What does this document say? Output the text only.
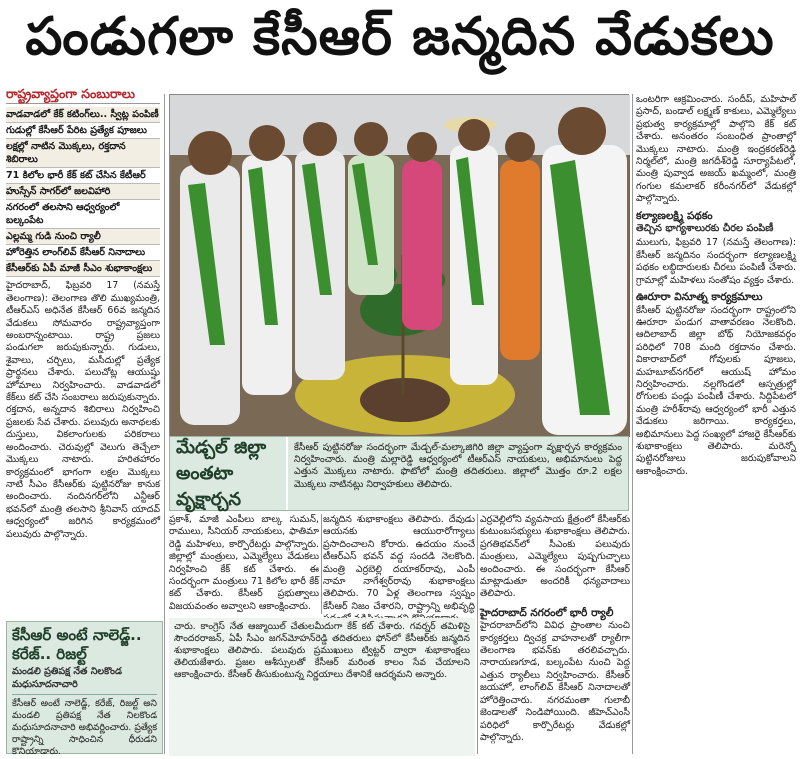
పండుగలా కేసీఆర్ జన్మదిన వేడుకలు
రాష్ట్రవ్యాప్తంగా సంబురాలు
వాడవాడలో కేక్ కటింగ్‌లు.. స్వీట్ల పంపిణీ
గుడుల్లో కేసీఆర్ పేరిట ప్రత్యేక పూజలు
లక్షల్లో నాటిన మొక్కలు, రక్తదాన శిబిరాలు
71 కిలోల భారీ కేక్ కట్ చేసిన కేటీఆర్
హుస్సేన్ సాగర్‌లో జలవిహారి
నగరంలో తలసాని ఆధ్వర్యంలో బల్కంపేట
ఎల్లమ్మ గుడి నుంచి ర్యాలీ
హోరెత్తిన లాంగ్‌లివ్ కేసీఆర్ నినాదాలు
కేసీఆర్‌కు ఏపీ మాజీ సీఎం శుభాకాంక్షలు

హైదరాబాద్, ఫిబ్రవరి 17 (నమస్తే తెలంగాణ): తెలంగాణ తొలి ముఖ్యమంత్రి, టీఆర్‌ఎస్ అధినేత కేసీఆర్ 66వ జన్మదిన వేడుకలు సోమవారం రాష్ట్రవ్యాప్తంగా అంబరాన్నంటాయి. రాష్ట్ర ప్రజలు పండుగలా జరుపుకున్నారు. గుడులు, శైవాలు, చర్చిలు, మసీదుల్లో ప్రత్యేక ప్రార్థనలు చేశారు. పలుచోట్ల ఆయుష్షు హోమాలు నిర్వహించారు. వాడవాడలో కేక్‌లు కట్ చేసి సంబరాలు జరుపుకున్నారు. రక్తదాన, అన్నదాన శిబిరాలు నిర్వహించి ప్రజలకు సేవ చేశారు. పలువురు అనాథలకు దుస్తులు, వికలాంగులకు పరికరాలు అందించారు. చెరువుల్లో వెలుగు తెచ్చేలా మొక్కలు నాటారు. హరితహారం కార్యక్రమంలో భాగంగా లక్షల మొక్కలు నాటి సీఎం కేసీఆర్‌కు పుట్టినరోజు కానుక అందించారు. నందినగర్‌లోని ఎన్టీఆర్ భవన్‌లో మంత్రి తలసాని శ్రీనివాస్ యాదవ్ ఆధ్వర్యంలో జరిగిన కార్యక్రమంలో పలువురు పాల్గొన్నారు.

మేడ్చల్ జిల్లా
అంతటా వృక్షార్చన
కేసీఆర్ పుట్టినరోజు సందర్భంగా మేడ్చల్-మల్కాజిగిరి జిల్లా వ్యాప్తంగా వృక్షార్చన కార్యక్రమం నిర్వహించారు. మంత్రి మల్లారెడ్డి ఆధ్వర్యంలో టీఆర్‌ఎస్ నాయకులు, అభిమానులు పెద్ద ఎత్తున మొక్కలు నాటారు. ఫొటోలో మంత్రి తదితరులు. జిల్లాలో మొత్తం రూ.2 లక్షల మొక్కలు నాటినట్లు నిర్వాహకులు తెలిపారు.

ఒంటరిగా ఆక్రమించారు. సందీప్, మహిపాల్ ప్రసాద్, బండాల్ లక్ష్మణ్ కాకులు, ఎమ్మెల్యేలు ప్రభుత్వ కార్యక్రమాల్లో పాల్గొని కేక్ కట్ చేశారు. అనంతరం సంబంధిత ప్రాంతాల్లో మొక్కలు నాటారు. మంత్రి ఇంద్రకరణ్‌రెడ్డి నిర్మల్‌లో, మంత్రి జగదీశ్‌రెడ్డి సూర్యాపేటలో, మంత్రి పువ్వాడ అజయ్ ఖమ్మంలో, మంత్రి గంగుల కమలాకర్ కరీంనగర్‌లో వేడుకల్లో పాల్గొన్నారు.

కల్యాణలక్ష్మి పథకం
తెచ్చిన భాగ్యశాలురకు చీరల పంపిణీ

ములుగు, ఫిబ్రవరి 17 (నమస్తే తెలంగాణ): కేసీఆర్ జన్మదినం సందర్భంగా కల్యాణలక్ష్మి పథకం లబ్ధిదారులకు చీరలు పంపిణీ చేశారు. గ్రామాల్లో మహిళలు సంతోషం వ్యక్తం చేశారు.

ఊరూరా వినూత్న కార్యక్రమాలు

కేసీఆర్ పుట్టినరోజు సందర్భంగా రాష్ట్రంలోని ఊరూరా పండుగ వాతావరణం నెలకొంది. ఆదిలాబాద్ జిల్లా బోథ్ నియోజకవర్గం పరిధిలో 708 మంది రక్తదానం చేశారు. వికారాబాద్‌లో గోవులకు పూజలు, మహబూబ్‌నగర్‌లో ఆయుష్ హోమం నిర్వహించారు. నల్లగొండలో ఆస్పత్రుల్లో రోగులకు పండ్లు పంపిణీ చేశారు. సిద్దిపేటలో మంత్రి హరీశ్‌రావు ఆధ్వర్యంలో భారీ ఎత్తున వేడుకలు జరిగాయి. కార్యకర్తలు, అభిమానులు పెద్ద సంఖ్యలో హాజరై కేసీఆర్‌కు శుభాకాంక్షలు తెలిపారు. మరెన్నో పుట్టినరోజులు జరుపుకోవాలని ఆకాంక్షించారు.

ప్రకాశ్, మాజీ ఎంపీలు బాల్క సుమన్, రాములు, సీనియర్ నాయకులు, ఫాతిమా రెడ్డి మహిళలు, కార్పొరేటర్లు పాల్గొన్నారు. జిల్లాల్లో మంత్రులు, ఎమ్మెల్యేలు వేడుకలు నిర్వహించి కేక్ కట్ చేశారు. ఈ సందర్భంగా మంత్రులు 71 కిలోల భారీ కేక్ కట్ చేశారు. కేసీఆర్ ప్రభుత్వాలు విజయవంతం అవ్వాలని ఆకాంక్షించారు.

జన్మదిన శుభాకాంక్షలు తెలిపారు. దేవుడు ఆయనకు ఆయురారోగ్యాలు ప్రసాదించాలని కోరారు. ఉదయం నుంచే టీఆర్‌ఎస్ భవన్ వద్ద సందడి నెలకొంది. మంత్రి ఎర్రబెల్లి దయాకర్‌రావు, ఎంపీ నామా నాగేశ్వర్‌రావు శుభాకాంక్షలు తెలిపారు. 70 ఏళ్ల తెలంగాణ స్వప్నం కేసీఆర్ నిజం చేశారని, రాష్ట్రాన్ని అభివృద్ధి

ఎర్రవెల్లిలోని వ్యవసాయ క్షేత్రంలో కేసీఆర్‌కు కుటుంబసభ్యులు శుభాకాంక్షలు తెలిపారు. ప్రగతిభవన్‌లో సీఎంకు పలువురు మంత్రులు, ఎమ్మెల్యేలు పుష్పగుచ్ఛాలు అందించారు. ఈ సందర్భంగా కేసీఆర్ మాట్లాడుతూ అందరికీ ధన్యవాదాలు తెలిపారు.

హైదరాబాద్ నగరంలో భారీ ర్యాలీ

హైదరాబాద్‌లోని వివిధ ప్రాంతాల నుంచి కార్యకర్తలు ద్విచక్ర వాహనాలతో ర్యాలీగా తెలంగాణ భవన్‌కు తరలివచ్చారు. నారాయణగూడ, బల్కంపేట నుంచి పెద్ద ఎత్తున ర్యాలీలు నిర్వహించారు. కేసీఆర్ జయహో, లాంగ్‌లివ్ కేసీఆర్ నినాదాలతో హోరెత్తించారు. నగరమంతా గులాబీ జెండాలతో నిండిపోయింది. జీహెచ్‌ఎంసీ పరిధిలో కార్పొరేటర్లు వేడుకల్లో పాల్గొన్నారు.

కేసీఆర్ అంటే నాలెడ్జ్.. కరేజ్.. రిజల్ట్
మండలి ప్రతిపక్ష నేత నిలకొండ మధుసూదనాచారి
కేసీఆర్ అంటే నాలెడ్జ్, కరేజ్, రిజల్ట్ అని మండలి ప్రతిపక్ష నేత నిలకొండ మధుసూదనాచారి అభివర్ణించారు. ప్రత్యేక రాష్ట్రాన్ని సాధించిన ధీరుడని కొనియాడారు.

చారు. కాంగ్రెస్ నేత ఆజ్మాయిల్ చేతులమీదుగా కేక్ కట్ చేశారు. గవర్నర్ తమిళిసై సౌందరరాజన్, ఏపీ సీఎం జగన్‌మోహన్‌రెడ్డి తదితరులు ఫోన్‌లో కేసీఆర్‌కు జన్మదిన శుభాకాంక్షలు తెలిపారు. పలువురు ప్రముఖులు ట్విట్టర్ ద్వారా శుభాకాంక్షలు తెలియజేశారు. ప్రజల ఆశీస్సులతో కేసీఆర్ మరింత కాలం సేవ చేయాలని ఆకాంక్షించారు. కేసీఆర్ తీసుకుంటున్న నిర్ణయాలు దేశానికే ఆదర్శమని అన్నారు.
